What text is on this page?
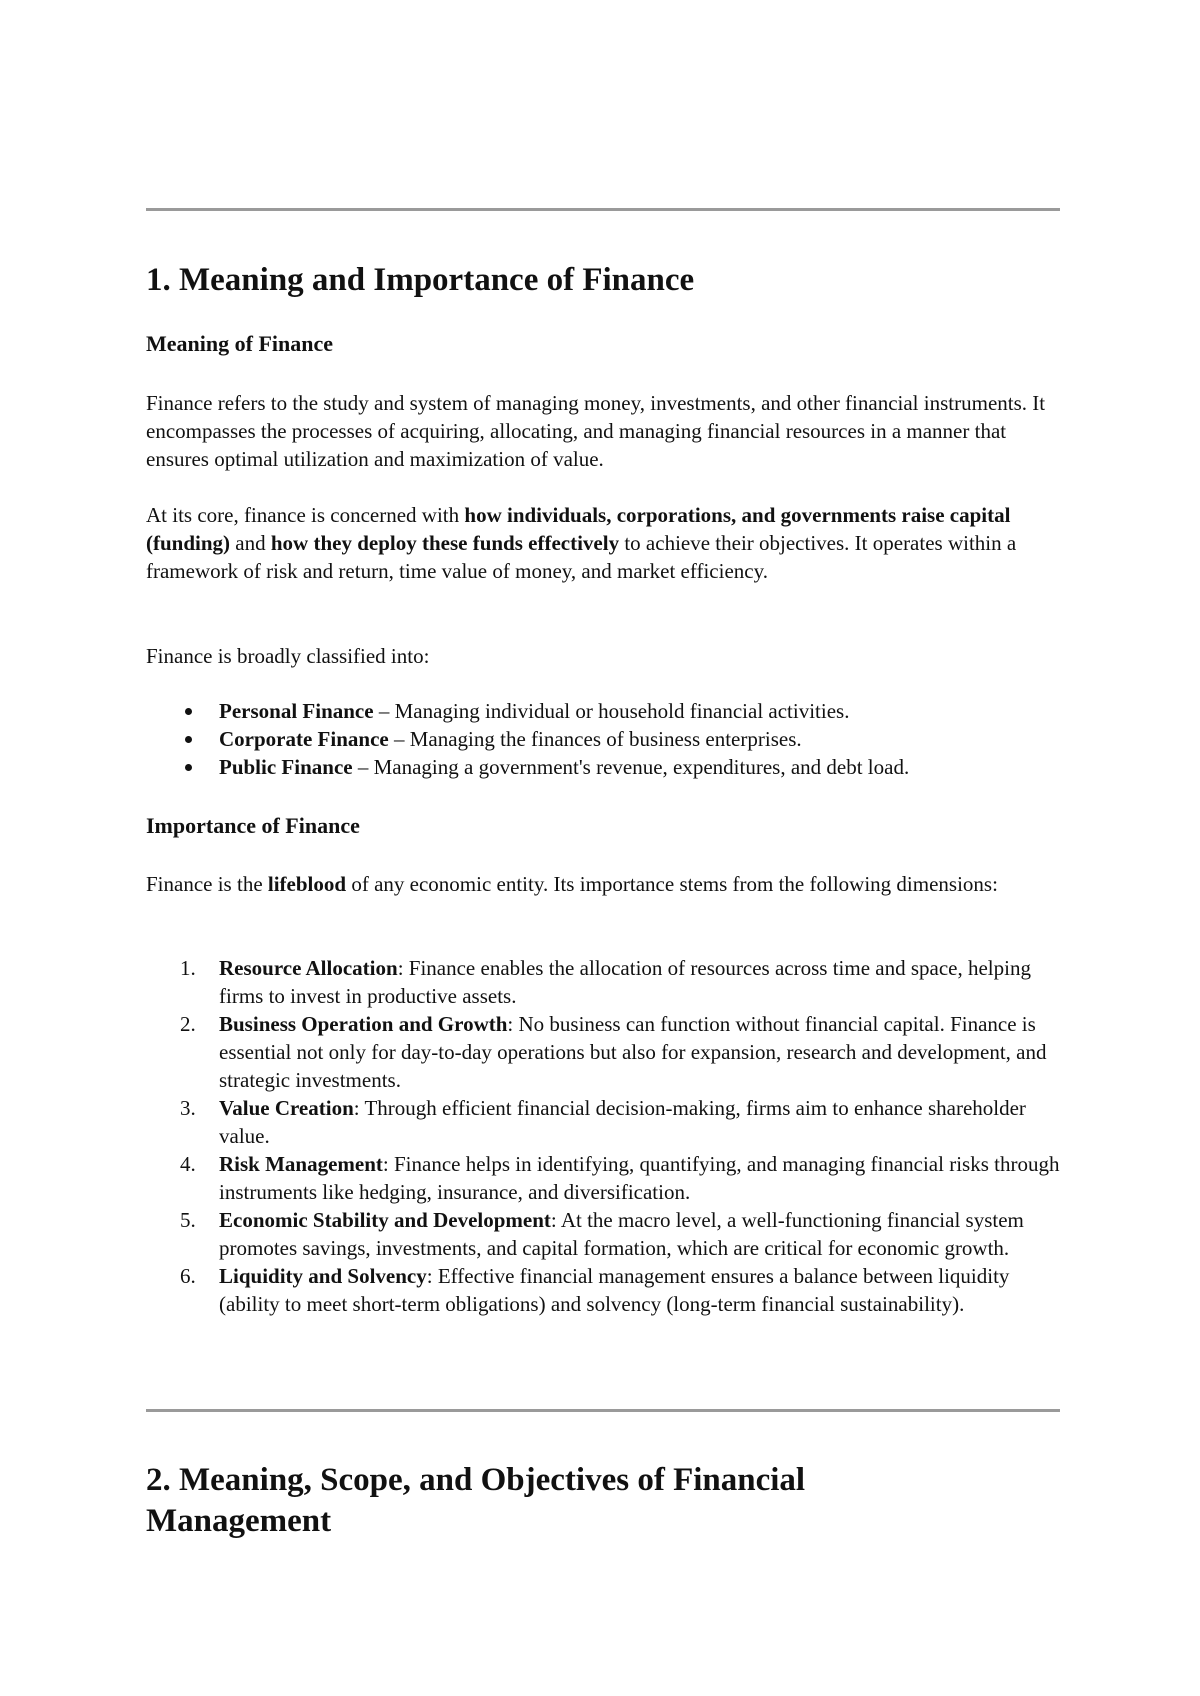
1. Meaning and Importance of Finance
Meaning of Finance

Finance refers to the study and system of managing money, investments, and other financial instruments. It encompasses the processes of acquiring, allocating, and managing financial resources in a manner that ensures optimal utilization and maximization of value.

At its core, finance is concerned with how individuals, corporations, and governments raise capital (funding) and how they deploy these funds effectively to achieve their objectives. It operates within a framework of risk and return, time value of money, and market efficiency.

Finance is broadly classified into:

Personal Finance – Managing individual or household financial activities.
Corporate Finance – Managing the finances of business enterprises.
Public Finance – Managing a government's revenue, expenditures, and debt load.
Importance of Finance

Finance is the lifeblood of any economic entity. Its importance stems from the following dimensions:

1. Resource Allocation: Finance enables the allocation of resources across time and space, helping firms to invest in productive assets.
2. Business Operation and Growth: No business can function without financial capital. Finance is essential not only for day-to-day operations but also for expansion, research and development, and strategic investments.
3. Value Creation: Through efficient financial decision-making, firms aim to enhance shareholder value.
4. Risk Management: Finance helps in identifying, quantifying, and managing financial risks through instruments like hedging, insurance, and diversification.
5. Economic Stability and Development: At the macro level, a well-functioning financial system promotes savings, investments, and capital formation, which are critical for economic growth.
6. Liquidity and Solvency: Effective financial management ensures a balance between liquidity (ability to meet short-term obligations) and solvency (long-term financial sustainability).
2. Meaning, Scope, and Objectives of Financial
Management
